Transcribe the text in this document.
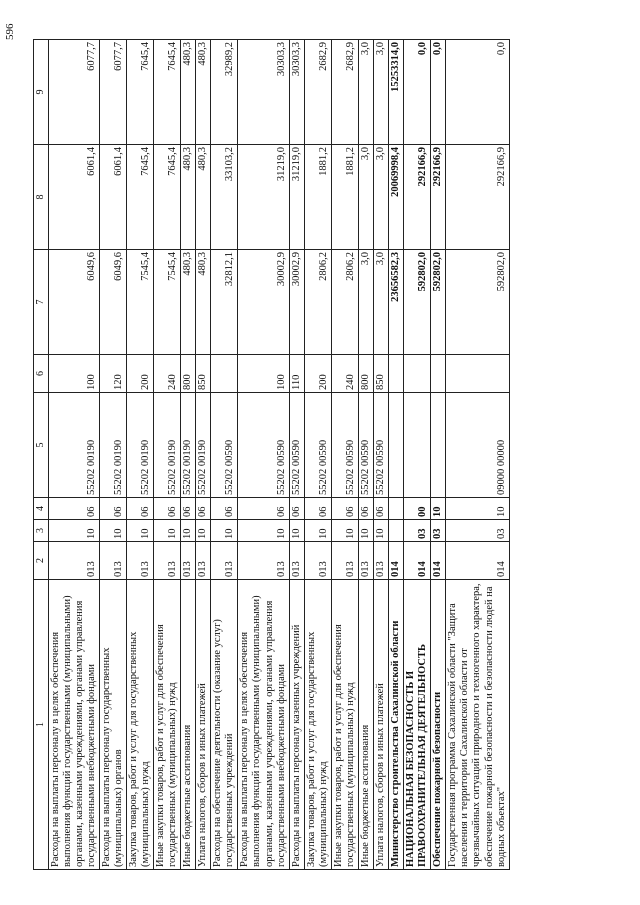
596
1	2	3	4	5	6	7	8	9
Расходы на выплаты персоналу в целях обеспечения выполнения функций государственными (муниципальными) органами, казенными учреждениями, органами управления государственными внебюджетными фондами	013	10	06	55202 00190	100	6049,6	6061,4	6077,7
Расходы на выплаты персоналу государственных (муниципальных) органов	013	10	06	55202 00190	120	6049,6	6061,4	6077,7
Закупка товаров, работ и услуг для государственных (муниципальных) нужд	013	10	06	55202 00190	200	7545,4	7645,4	7645,4
Иные закупки товаров, работ и услуг для обеспечения государственных (муниципальных) нужд	013	10	06	55202 00190	240	7545,4	7645,4	7645,4
Иные бюджетные ассигнования	013	10	06	55202 00190	800	480,3	480,3	480,3
Уплата налогов, сборов и иных платежей	013	10	06	55202 00190	850	480,3	480,3	480,3
Расходы на обеспечение деятельности (оказание услуг) государственных учреждений	013	10	06	55202 00590		32812,1	33103,2	32989,2
Расходы на выплаты персоналу в целях обеспечения выполнения функций государственными (муниципальными) органами, казенными учреждениями, органами управления государственными внебюджетными фондами	013	10	06	55202 00590	100	30002,9	31219,0	30303,3
Расходы на выплаты персоналу казенных учреждений	013	10	06	55202 00590	110	30002,9	31219,0	30303,3
Закупка товаров, работ и услуг для государственных (муниципальных) нужд	013	10	06	55202 00590	200	2806,2	1881,2	2682,9
Иные закупки товаров, работ и услуг для обеспечения государственных (муниципальных) нужд	013	10	06	55202 00590	240	2806,2	1881,2	2682,9
Иные бюджетные ассигнования	013	10	06	55202 00590	800	3,0	3,0	3,0
Уплата налогов, сборов и иных платежей	013	10	06	55202 00590	850	3,0	3,0	3,0
Министерство строительства Сахалинской области	014					23656582,3	20069998,4	15253314,0
НАЦИОНАЛЬНАЯ БЕЗОПАСНОСТЬ И ПРАВООХРАНИТЕЛЬНАЯ ДЕЯТЕЛЬНОСТЬ	014	03	00			592802,0	292166,9	0,0
Обеспечение пожарной безопасности	014	03	10			592802,0	292166,9	0,0
Государственная программа Сахалинской области "Защита населения и территории Сахалинской области от чрезвычайных ситуаций природного и техногенного характера, обеспечение пожарной безопасности и безопасности людей на водных объектах"	014	03	10	09000 00000		592802,0	292166,9	0,0
